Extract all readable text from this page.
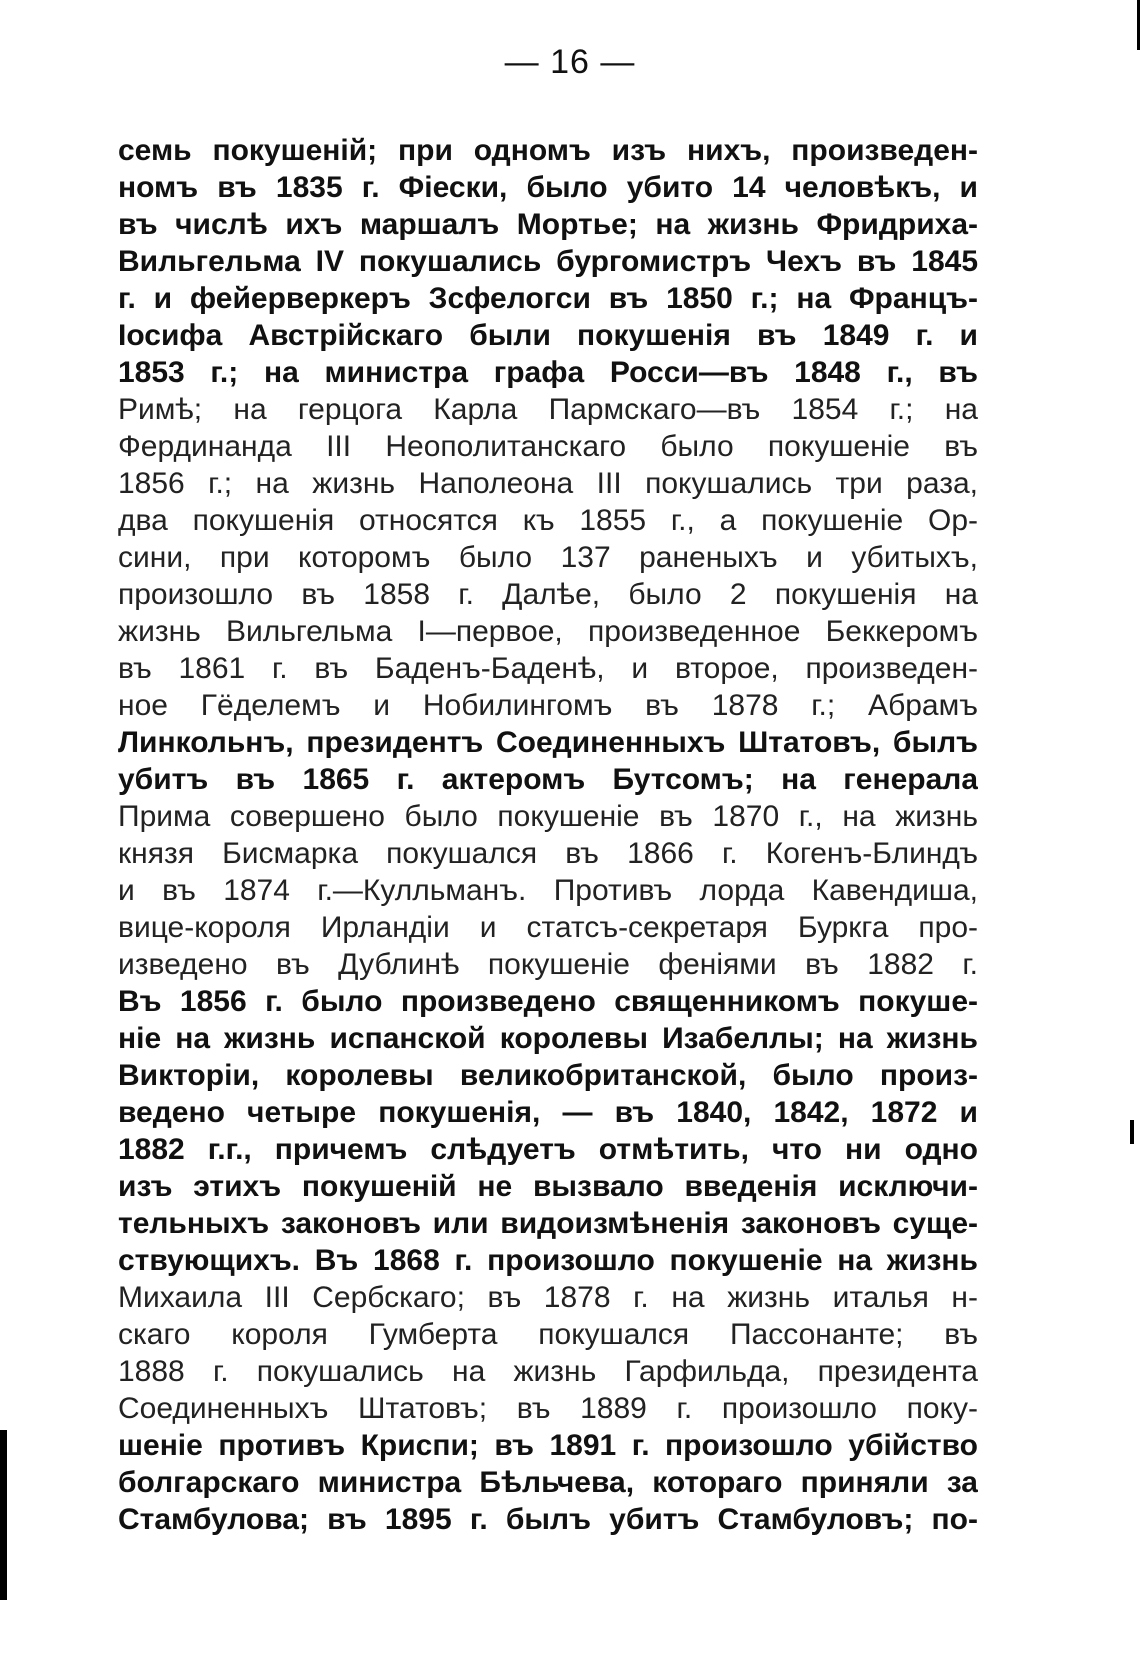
— 16 —
семь покушеній; при одномъ изъ нихъ, произведен-
номъ въ 1835 г. Фіески, было убито 14 человѣкъ, и
въ числѣ ихъ маршалъ Мортье; на жизнь Фридриха-
Вильгельма IV покушались бургомистръ Чехъ въ 1845
г. и фейерверкеръ Зсфелогси въ 1850 г.; на Францъ-
Іосифа Австрійскаго были покушенія въ 1849 г. и
1853 г.; на министра графа Росси—въ 1848 г., въ
Римѣ; на герцога Карла Пармскаго—въ 1854 г.; на
Фердинанда III Неополитанскаго было покушеніе въ
1856 г.; на жизнь Наполеона III покушались три раза,
два покушенія относятся къ 1855 г., а покушеніе Ор-
сини, при которомъ было 137 раненыхъ и убитыхъ,
произошло въ 1858 г. Далѣе, было 2 покушенія на
жизнь Вильгельма I—первое, произведенное Беккеромъ
въ 1861 г. въ Баденъ-Баденѣ, и второе, произведен-
ное Гёделемъ и Нобилингомъ въ 1878 г.; Абрамъ
Линкольнъ, президентъ Соединенныхъ Штатовъ, былъ
убитъ въ 1865 г. актеромъ Бутсомъ; на генерала
Прима совершено было покушеніе въ 1870 г., на жизнь
князя Бисмарка покушался въ 1866 г. Когенъ-Блиндъ
и въ 1874 г.—Кулльманъ. Противъ лорда Кавендиша,
вице-короля Ирландіи и статсъ-секретаря Буркга про-
изведено въ Дублинѣ покушеніе феніями въ 1882 г.
Въ 1856 г. было произведено священникомъ покуше-
ніе на жизнь испанской королевы Изабеллы; на жизнь
Викторіи, королевы великобританской, было произ-
ведено четыре покушенія, — въ 1840, 1842, 1872 и
1882 г.г., причемъ слѣдуетъ отмѣтить, что ни одно
изъ этихъ покушеній не вызвало введенія исключи-
тельныхъ законовъ или видоизмѣненія законовъ суще-
ствующихъ. Въ 1868 г. произошло покушеніе на жизнь
Михаила III Сербскаго; въ 1878 г. на жизнь италья н-
скаго короля Гумберта покушался Пассонанте; въ
1888 г. покушались на жизнь Гарфильда, президента
Соединенныхъ Штатовъ; въ 1889 г. произошло поку-
шеніе противъ Криспи; въ 1891 г. произошло убійство
болгарскаго министра Бѣльчева, котораго приняли за
Стамбулова; въ 1895 г. былъ убитъ Стамбуловъ; по-
